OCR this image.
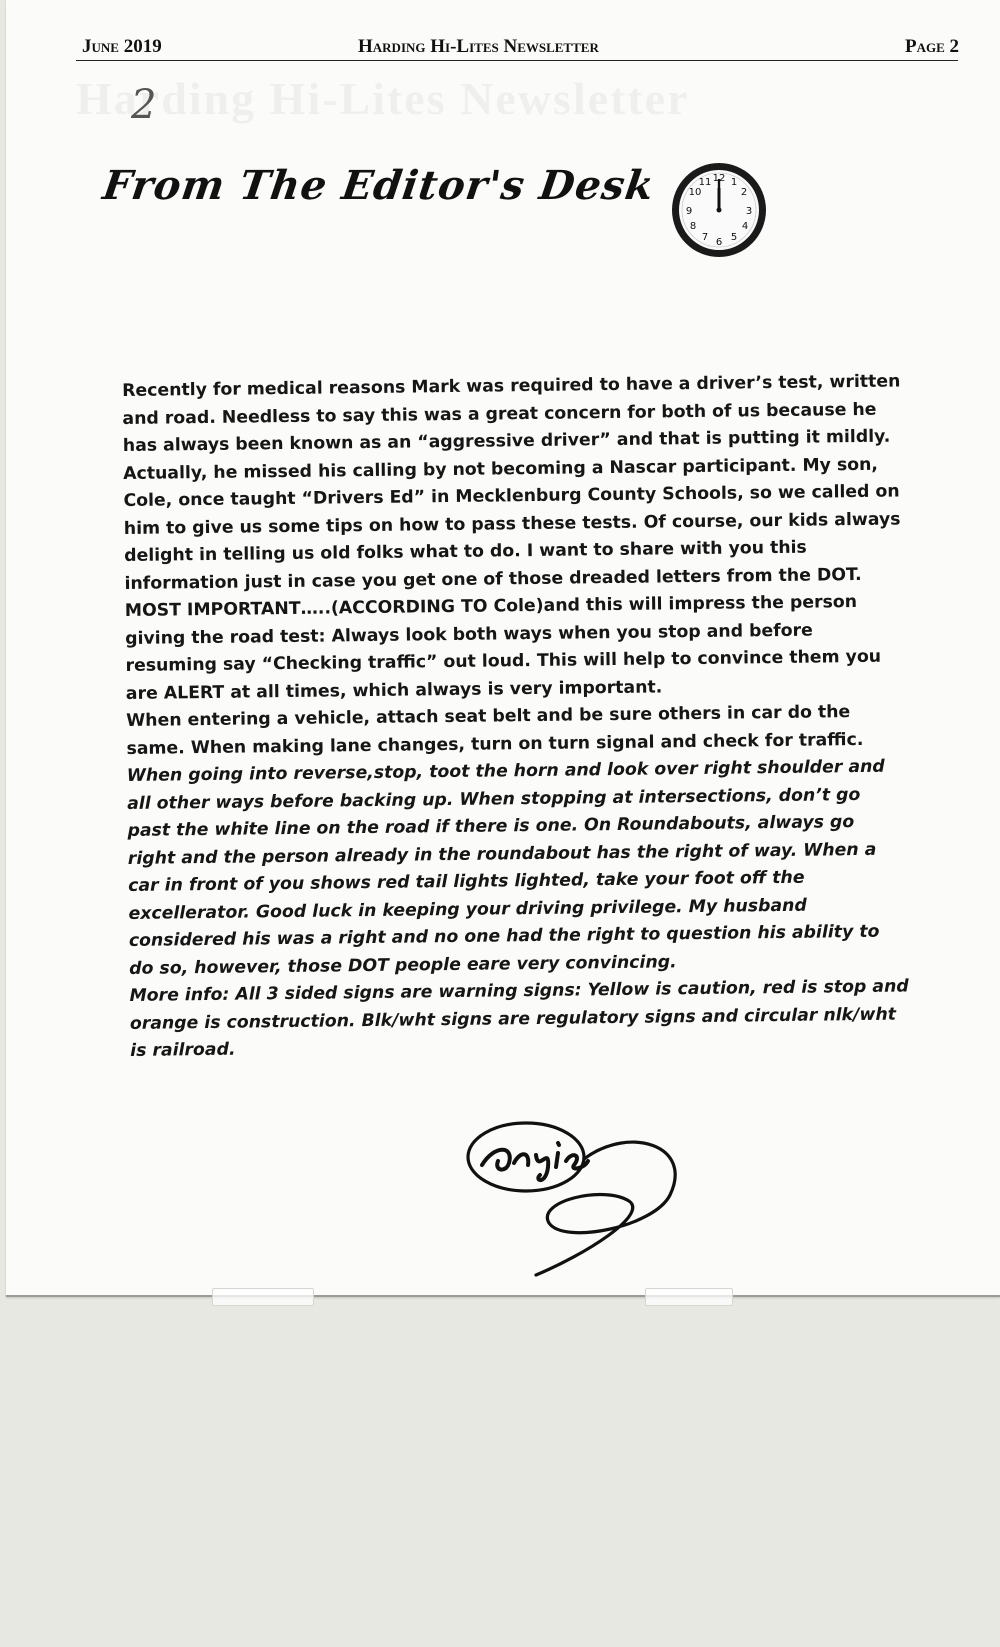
June 2019	Harding Hi-Lites Newsletter	Page 2
2
From The Editor's Desk	12 1
2
3
4
5
6
7
8
9
10
11

Recently for medical reasons Mark was required to have a driver’s test, written and road. Needless to say this was a great concern for both of us because he has always been known as an “aggressive driver” and that is putting it mildly. Actually, he missed his calling by not becoming a Nascar participant. My son, Cole, once taught “Drivers Ed” in Mecklenburg County Schools, so we called on him to give us some tips on how to pass these tests. Of course, our kids always delight in telling us old folks what to do. I want to share with you this information just in case you get one of those dreaded letters from the DOT.

MOST IMPORTANT…..(ACCORDING TO Cole)and this will impress the person giving the road test: Always look both ways when you stop and before resuming say “Checking traffic” out loud. This will help to convince them you are ALERT at all times, which always is very important.

When entering a vehicle, attach seat belt and be sure others in car do the same. When making lane changes, turn on turn signal and check for traffic. When going into reverse,stop, toot the horn and look over right shoulder and all other ways before backing up. When stopping at intersections, don’t go past the white line on the road if there is one. On Roundabouts, always go right and the person already in the roundabout has the right of way. When a car in front of you shows red tail lights lighted, take your foot off the excellerator. Good luck in keeping your driving privilege. My husband considered his was a right and no one had the right to question his ability to do so, however, those DOT people eare very convincing.

More info: All 3 sided signs are warning signs: Yellow is caution, red is stop and orange is construction. Blk/wht signs are regulatory signs and circular nlk/wht is railroad.
